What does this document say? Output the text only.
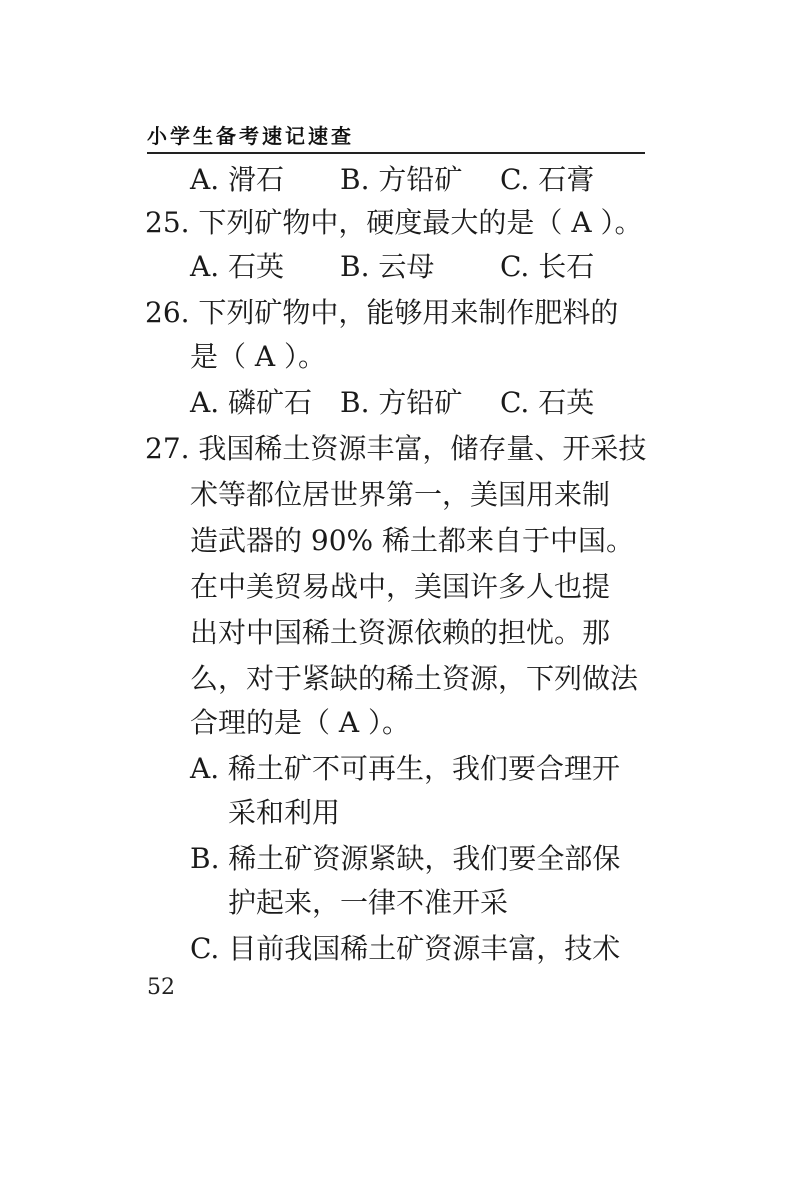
小学生备考速记速查
A. 滑石 B. 方铅矿 C. 石膏
25. 下列矿物中，硬度最大的是（ A ）。
A. 石英 B. 云母 C. 长石
26. 下列矿物中，能够用来制作肥料的
是（ A ）。
A. 磷矿石 B. 方铅矿 C. 石英
27. 我国稀土资源丰富，储存量、开采技
术等都位居世界第一，美国用来制
造武器的 90% 稀土都来自于中国。
在中美贸易战中，美国许多人也提
出对中国稀土资源依赖的担忧。那
么，对于紧缺的稀土资源，下列做法
合理的是（ A ）。
A. 稀土矿不可再生，我们要合理开
采和利用
B. 稀土矿资源紧缺，我们要全部保
护起来，一律不准开采
C. 目前我国稀土矿资源丰富，技术
52
